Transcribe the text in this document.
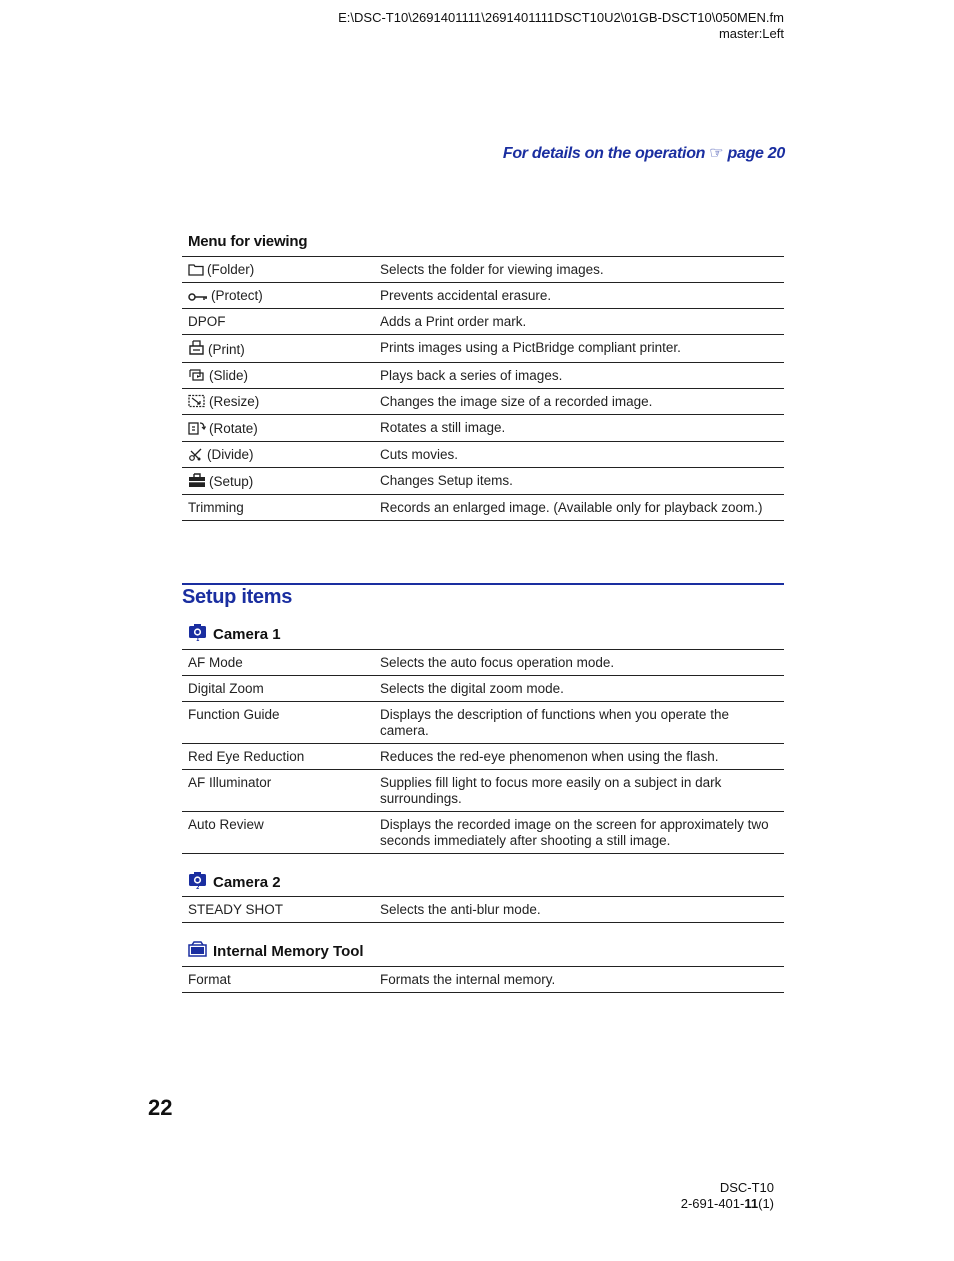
E:\DSC-T10\2691401111\2691401111DSCT10U2\01GB-DSCT10\050MEN.fm
master:Left
For details on the operation ☞ page 20
Menu for viewing
(Folder)	Selects the folder for viewing images.

(Protect)	Prevents accidental erasure.
DPOF	Adds a Print order mark.

(Print)	Prints images using a PictBridge compliant printer.

(Slide)	Plays back a series of images.

(Resize)	Changes the image size of a recorded image.

(Rotate)	Rotates a still image.

(Divide)	Cuts movies.

(Setup)	Changes Setup items.
Trimming	Records an enlarged image. (Available only for playback zoom.)
Setup items
1 Camera 1
AF Mode	Selects the auto focus operation mode.
Digital Zoom	Selects the digital zoom mode.
Function Guide	Displays the description of functions when you operate the camera.
Red Eye Reduction	Reduces the red-eye phenomenon when using the flash.
AF Illuminator	Supplies fill light to focus more easily on a subject in dark surroundings.
Auto Review	Displays the recorded image on the screen for approximately two seconds immediately after shooting a still image.
2 Camera 2
STEADY SHOT	Selects the anti-blur mode.
Internal Memory Tool
Format	Formats the internal memory.
22
DSC-T10
2-691-401-11(1)
